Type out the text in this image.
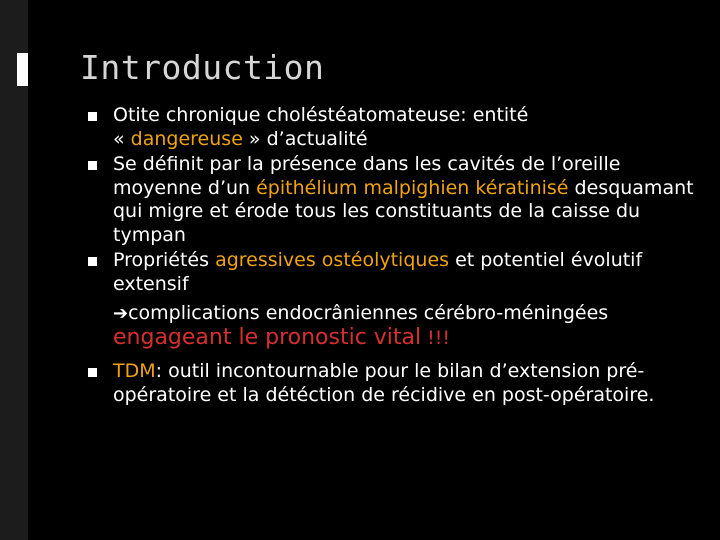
Introduction

Otite chronique choléstéatomateuse: entité
« dangereuse » d’actualité

Se définit par la présence dans les cavités de l’oreille moyenne d’un épithélium malpighien kératinisé desquamant qui migre et érode tous les constituants de la caisse du tympan

Propriétés agressives ostéolytiques et potentiel évolutif extensif
➔complications endocrâniennes cérébro-méningées engageant le pronostic vital !!!

TDM: outil incontournable pour le bilan d’extension pré-opératoire et la détéction de récidive en post-opératoire.
